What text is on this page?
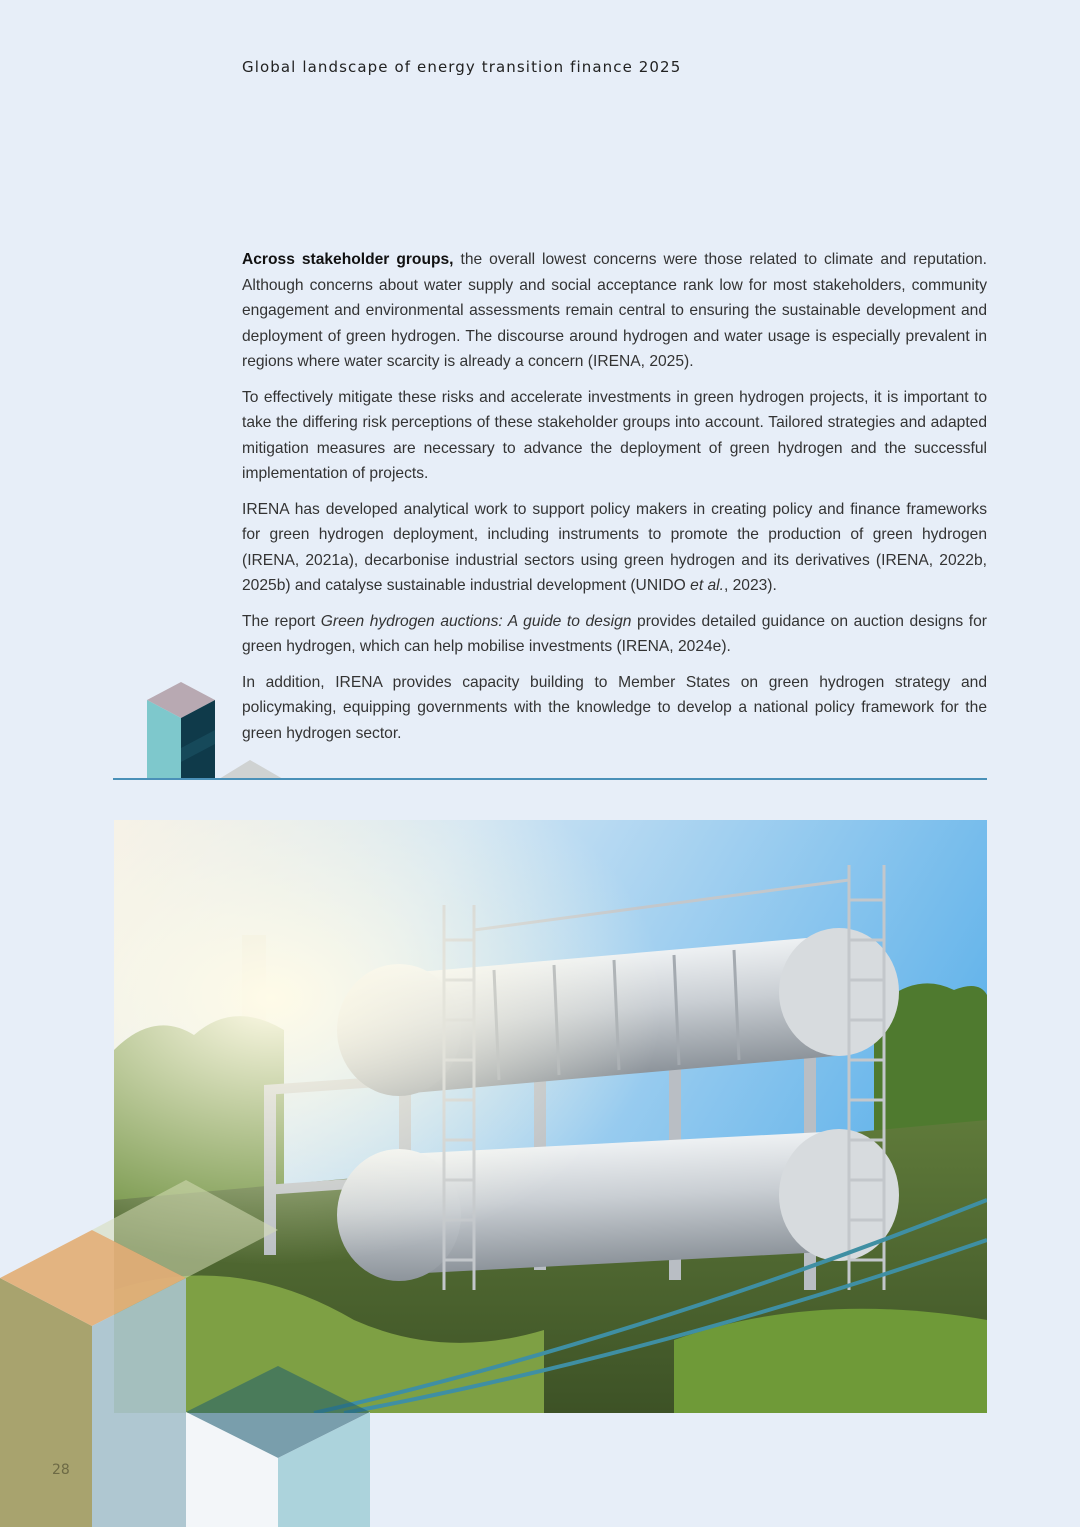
Global landscape of energy transition finance 2025

Across stakeholder groups, the overall lowest concerns were those related to climate and reputation. Although concerns about water supply and social acceptance rank low for most stakeholders, community engagement and environmental assessments remain central to ensuring the sustainable development and deployment of green hydrogen. The discourse around hydrogen and water usage is especially prevalent in regions where water scarcity is already a concern (IRENA, 2025).

To effectively mitigate these risks and accelerate investments in green hydrogen projects, it is important to take the differing risk perceptions of these stakeholder groups into account. Tailored strategies and adapted mitigation measures are necessary to advance the deployment of green hydrogen and the successful implementation of projects.

IRENA has developed analytical work to support policy makers in creating policy and finance frameworks for green hydrogen deployment, including instruments to promote the production of green hydrogen (IRENA, 2021a), decarbonise industrial sectors using green hydrogen and its derivatives (IRENA, 2022b, 2025b) and catalyse sustainable industrial development (UNIDO et al., 2023).

The report Green hydrogen auctions: A guide to design provides detailed guidance on auction designs for green hydrogen, which can help mobilise investments (IRENA, 2024e).

In addition, IRENA provides capacity building to Member States on green hydrogen strategy and policymaking, equipping governments with the knowledge to develop a national policy framework for the green hydrogen sector.

28
